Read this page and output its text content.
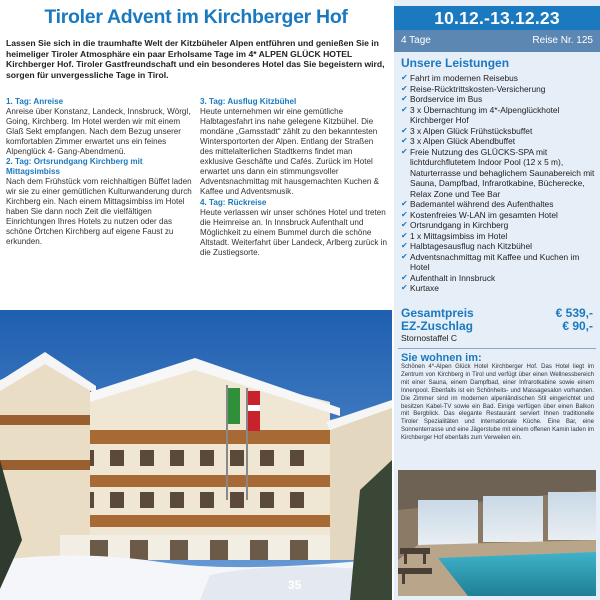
Tiroler Advent im Kirchberger Hof

Lassen Sie sich in die traumhafte Welt der Kitzbüheler Alpen entführen und genießen Sie in heimeliger Tiroler Atmosphäre ein paar Erholsame Tage im 4* ALPEN GLÜCK HOTEL Kirchberger Hof. Tiroler Gastfreundschaft und ein besonderes Hotel das Sie begeistern wird, sorgen für unvergessliche Tage in Tirol.

1. Tag: Anreise

Anreise über Konstanz, Landeck, Innsbruck, Wörgl, Going, Kirchberg. Im Hotel werden wir mit einem Glaß Sekt empfangen. Nach dem Bezug unserer komfortablen Zimmer erwartet uns ein feines Alpenglück 4- Gang-Abendmenü.

2. Tag: Ortsrundgang Kirchberg mit Mittagsimbiss

Nach dem Frühstück vom reichhaltigen Büffet laden wir sie zu einer gemütlichen Kulturwanderung durch Kirchberg ein. Nach einem Mittagsimbiss im Hotel haben Sie dann noch Zeit die vielfältigen Einrichtungen Ihres Hotels zu nutzen oder das schöne Örtchen Kirchberg auf eigene Faust zu erkunden.

3. Tag: Ausflug Kitzbühel

Heute unternehmen wir eine gemütliche Halbtagesfahrt ins nahe gelegene Kitzbühel. Die mondäne „Gamsstadt“ zählt zu den bekanntesten Wintersportorten der Alpen. Entlang der Straßen des mittelalterlichen Stadtkerns findet man exklusive Geschäfte und Cafés. Zurück im Hotel erwartet uns dann ein stimmungsvoller Adventsnachmittag mit hausgemachten Kuchen & Kaffee und Adventsmusik.

4. Tag: Rückreise

Heute verlassen wir unser schönes Hotel und treten die Heimreise an. In Innsbruck Aufenthalt und Möglichkeit zu einem Bummel durch die schöne Altstadt. Weiterfahrt über Landeck, Arlberg zurück in die Zustiegsorte.

35
10.12.-13.12.23
4 Tage	Reise Nr. 125
Unsere Leistungen
✔ Fahrt im modernen Reisebus
✔ Reise-Rücktrittskosten-Versicherung
✔ Bordservice im Bus
✔ 3 x Übernachtung im 4*-Alpenglückhotel Kirchberger Hof
✔ 3 x Alpen Glück Frühstücksbuffet
✔ 3 x Alpen Glück Abendbuffet
✔ Freie Nutzung des GLÜCKS-SPA mit lichtdurchflutetem Indoor Pool (12 x 5 m), Naturterrasse und behaglichem Saunabereich mit Sauna, Dampfbad, Infrarotkabine, Bücherecke, Relax Zone und Tee Bar
✔ Bademantel während des Aufenthaltes
✔ Kostenfreies W-LAN im gesamten Hotel
✔ Ortsrundgang in Kirchberg
✔ 1 x Mittagsimbiss im Hotel
✔ Halbtagesausflug nach Kitzbühel
✔ Adventsnachmittag mit Kaffee und Kuchen im Hotel
✔ Aufenthalt in Innsbruck
✔ Kurtaxe
Gesamtpreis	€ 539,-
EZ-Zuschlag	€ 90,-
Stornostaffel C
Sie wohnen im:

Schönen 4*-Alpen Glück Hotel Kirchberger Hof. Das Hotel liegt im Zentrum von Kirchberg in Tirol und verfügt über einen Wellnessbereich mit einer Sauna, einem Dampfbad, einer Infrarotkabine sowie einem Innenpool. Ebenfalls ist ein Schönheits- und Massagesalon vorhanden. Die Zimmer sind im modernen alpenländischen Stil eingerichtet und besitzen Kabel-TV sowie ein Bad. Einige verfügen über einen Balkon mit Bergblick. Das elegante Restaurant serviert Ihnen traditionelle Tiroler Spezialitäten und internationale Küche. Eine Bar, eine Sonnenterrasse und eine Jägerstube mit einem offenen Kamin laden im Kirchberger Hof ebenfalls zum Verweilen ein.
